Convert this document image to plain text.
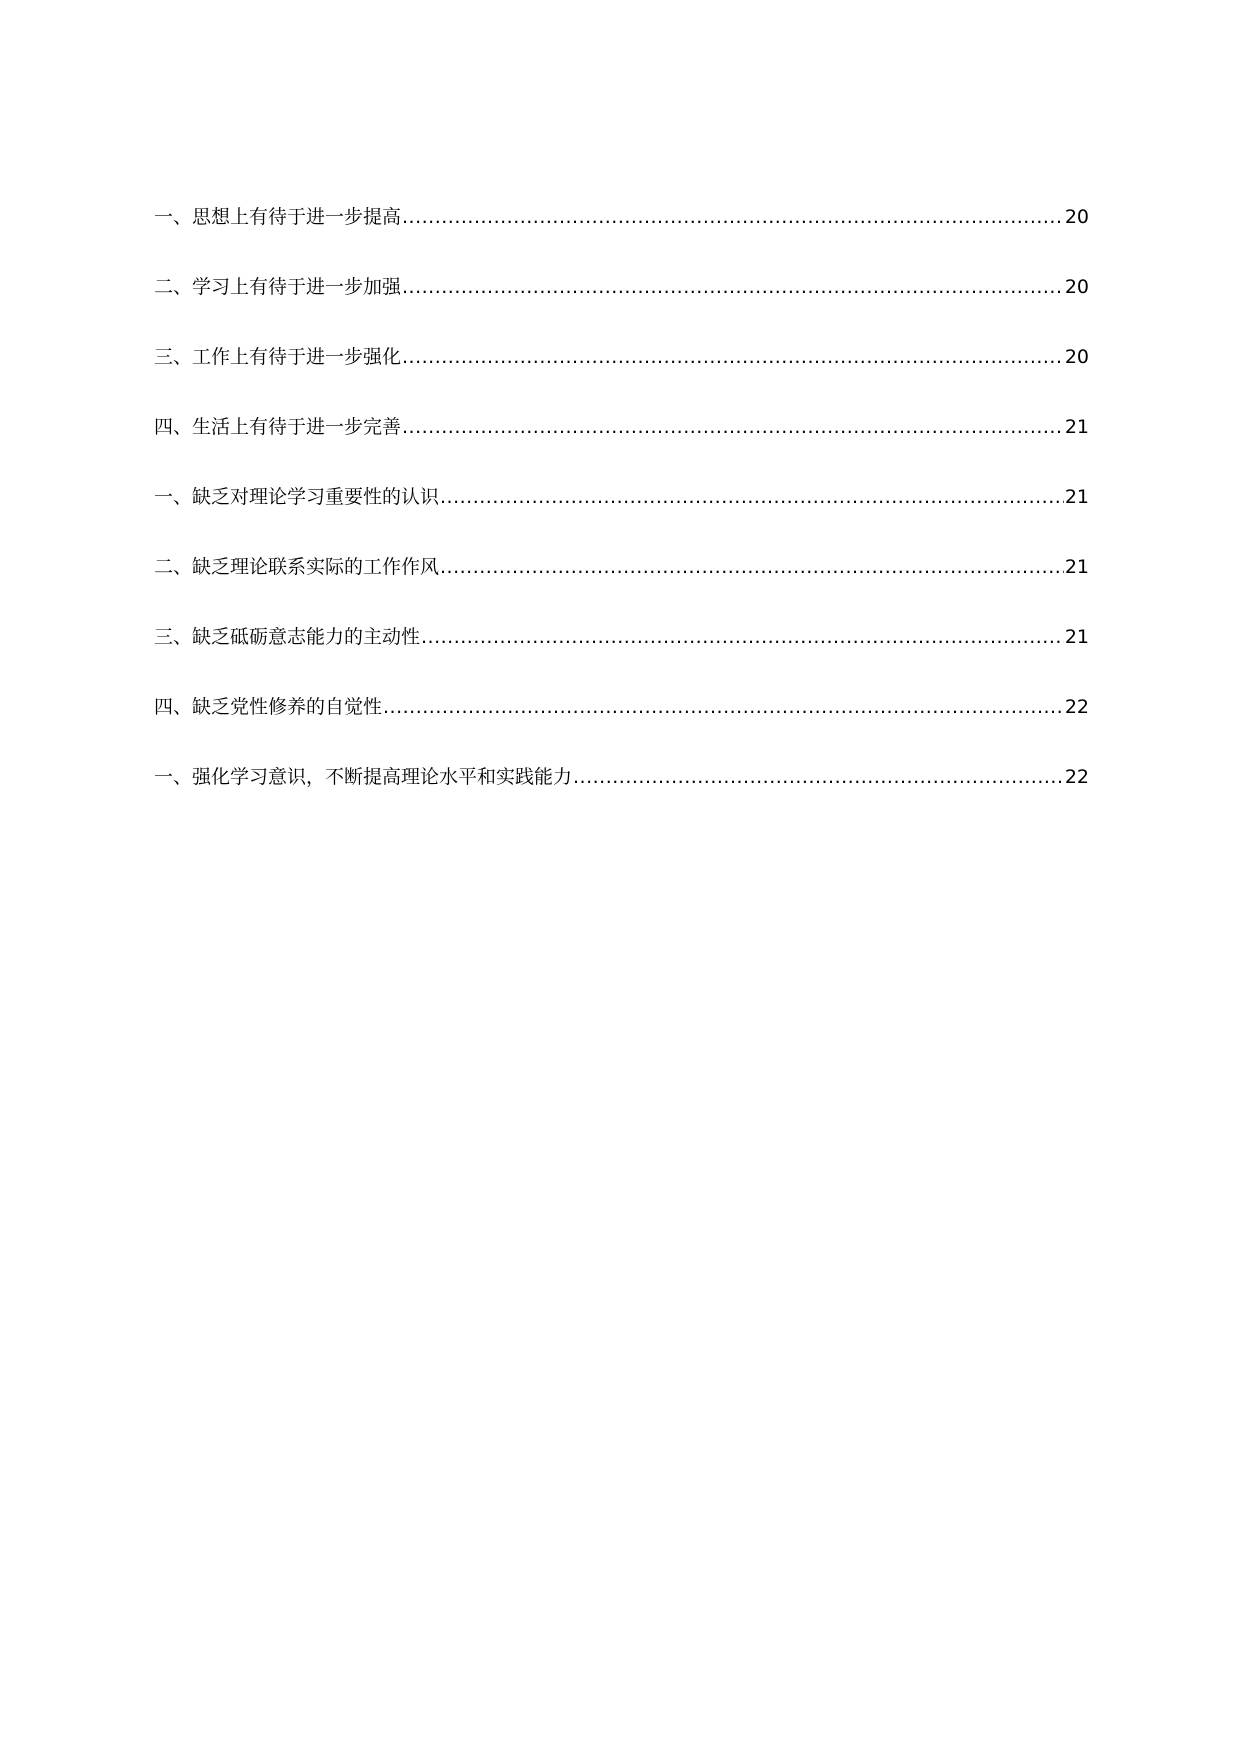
一、思想上有待于进一步提高 .....	20
二、学习上有待于进一步加强 .....	20
三、工作上有待于进一步强化 .....	20
四、生活上有待于进一步完善 .....	21
一、缺乏对理论学习重要性的认识 .....	21
二、缺乏理论联系实际的工作作风 .....	21
三、缺乏砥砺意志能力的主动性 .....	21
四、缺乏党性修养的自觉性 .....	22
一、强化学习意识，不断提高理论水平和实践能力 .....	22
